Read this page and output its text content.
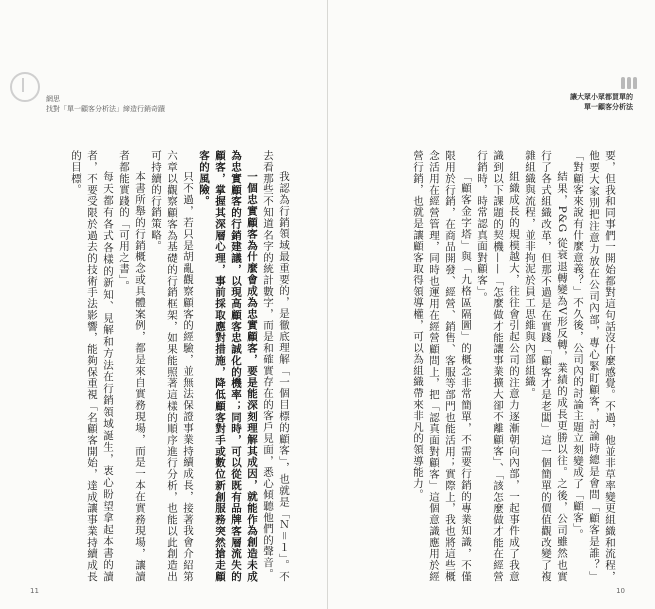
網思
找對「單一顧客分析法」締造行銷奇蹟

我認為行銷領域最重要的，是徹底理解「一個目標的顧客」，也就是「Ｎ＝１」。不去看那些不知道名字的統計數字，而是和確實存在的客戶見面，悉心傾聽他們的聲音。

一個忠實顧客為什麼會成為忠實顧客，要是能深刻理解其成因，就能作為創造未成為忠實顧客的行銷建議，以現高顧客忠誠化的機率；同時，可以從既有品牌客層流失的顧客，掌握其深層心理，事前採取應對措施，降低顧客對手或數位新創服務突然搶走顧客的風險。

只不過，若只是胡亂觀察顧客的經驗，並無法保證事業持續成長，接著我會介紹第六章以觀察顧客為基礎的行銷框架，如果能照著這樣的順序進行分析，也能以此創造出可持續的行銷策略。

本書所舉的行銷概念或具體案例，都是來自實務現場，而是一本在實務現場，讓讀者都能實踐的「可用之書」。

每天都有各式各樣的新知、見解和方法在行銷領域誕生，衷心盼望拿起本書的讀者，不要受限於過去的技術手法影響，能夠保重視「名顧客開始，達成讓事業持續成長的目標。

11
讓大眾小眾都買單的
單一顧客分析法

要，但我和同事們一開始都對這句話沒什麼感覺。不過，他並非草率變更組織和流程，他要大家別把注意力放在公司內部，專心緊盯顧客，討論時總是會問「顧客是誰？」「對顧客來說有什麼意義？」不久後，公司內的討論主題立刻變成了「顧客」。

結果，P&G 從衰退轉變為V形反轉，業績的成長更勝以往。之後，公司雖然也實行了各式組織改革，但那不過是在實踐「顧客才是老闆」這一個簡單的價值觀改變了複雜組織與流程，並非拘泥於員工思維與內部組織。

組織成長的規模越大，往往會引起公司的注意力逐漸朝向內部，一起事件成了我意識到以下課題的契機——「怎麼做才能讓事業擴大卻不離顧客」、「該怎麼做才能在經營行銷時，時常認真面對顧客」。

「顧客金字塔」與「九格區隔圖」的概念非常簡單，不需要行銷的專業知識，不僅限用於行銷，在商品開發、經營、銷售、客服等部門也能活用；實際上，我也將這些概念活用在經營管理，同時也運用在經營顧問上，把「認真面對顧客」這個意識應用於經營行銷，也就是讓顧客取得領導權，可以為組織帶來非凡的領導能力。

10
